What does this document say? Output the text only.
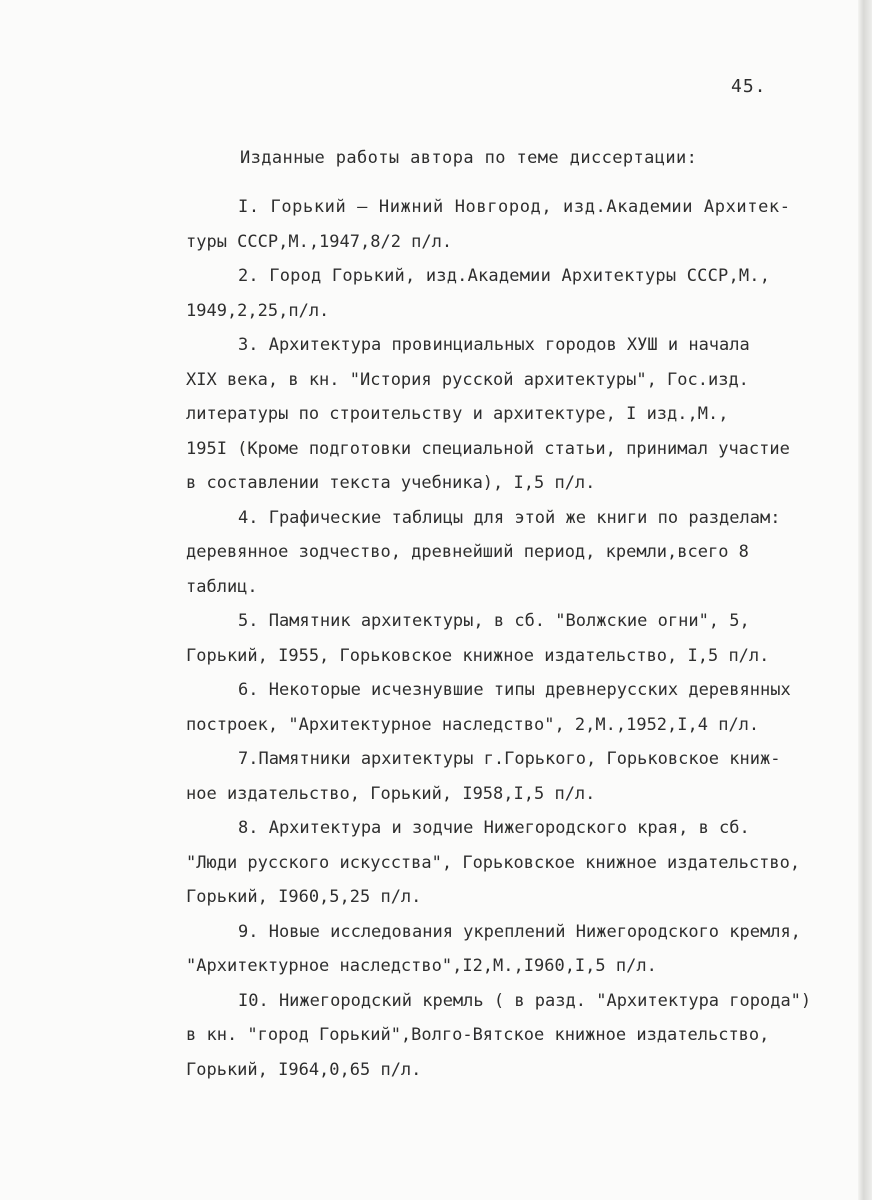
45.
Изданные работы автора по теме диссертации:
I. Горький – Нижний Новгород, изд.Академии Архитек-
туры СССР,М.,1947,8/2 п/л.
2. Город Горький, изд.Академии Архитектуры СССР,М.,
1949,2,25,п/л.
3. Архитектура провинциальных городов ХУШ и начала
XIX века, в кн. "История русской архитектуры", Гос.изд.
литературы по строительству и архитектуре, I изд.,М.,
195I (Кроме подготовки специальной статьи, принимал участие
в составлении текста учебника), I,5 п/л.
4. Графические таблицы для этой же книги по разделам:
деревянное зодчество, древнейший период, кремли,всего 8
таблиц.
5. Памятник архитектуры, в сб. "Волжские огни", 5,
Горький, I955, Горьковское книжное издательство, I,5 п/л.
6. Некоторые исчезнувшие типы древнерусских деревянных
построек, "Архитектурное наследство", 2,М.,1952,I,4 п/л.
7.Памятники архитектуры г.Горького, Горьковское книж-
ное издательство, Горький, I958,I,5 п/л.
8. Архитектура и зодчие Нижегородского края, в сб.
"Люди русского искусства", Горьковское книжное издательство,
Горький, I960,5,25 п/л.
9. Новые исследования укреплений Нижегородского кремля,
"Архитектурное наследство",I2,М.,I960,I,5 п/л.
I0. Нижегородский кремль ( в разд. "Архитектура города")
в кн. "город Горький",Волго-Вятское книжное издательство,
Горький, I964,0,65 п/л.
